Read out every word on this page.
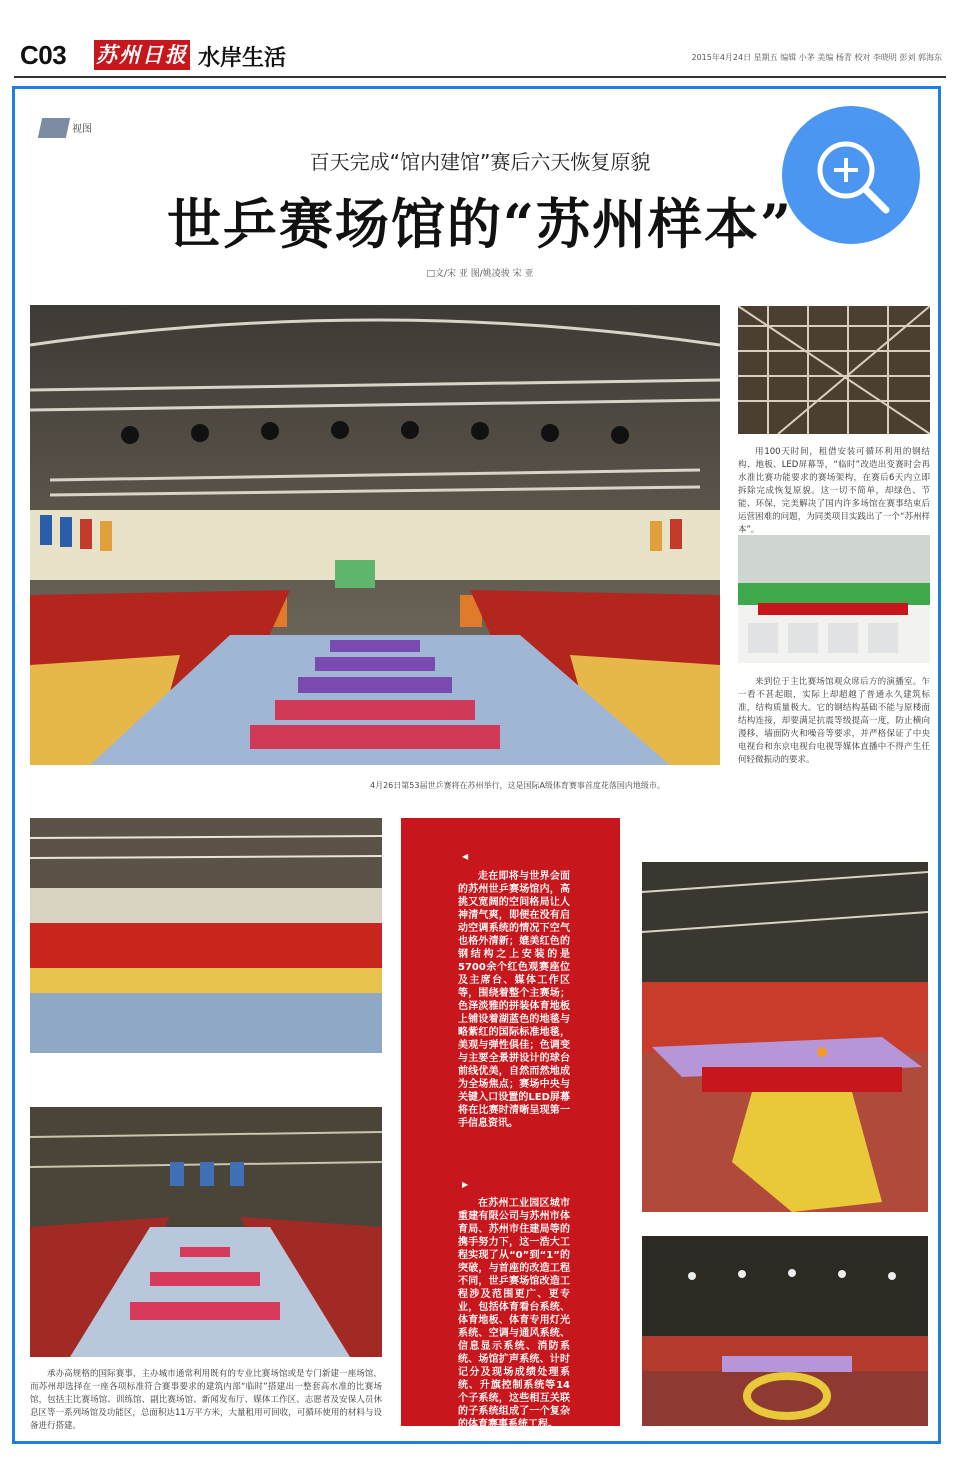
C03 苏州日报 水岸生活	2015年4月24日 星期五 编辑 小茅 美编 杨青 校对 李晓明 彭刘 郭海东
视图
百天完成“馆内建馆”赛后六天恢复原貌
世乒赛场馆的“苏州样本”
□文/宋 亚 图/姚凌骏 宋 亚
4月26日第53届世乒赛将在苏州举行，这是国际A级体育赛事首度花落国内地级市。
用100天时间，租借安装可循环利用的钢结构、地板、LED屏幕等，“临时”改造出变赛时会再水准比赛功能要求的赛场架构，在赛后6天内立即拆除完成恢复原貌。这一切不简单，却绿色、节能、环保，完美解决了国内许多场馆在赛事结束后运营困难的问题，为同类项目实践出了一个“苏州样本”。
来到位于主比赛场馆观众席后方的演播室。乍一看不甚起眼，实际上却超越了普通永久建筑标准，结构质量极大。它的钢结构基础不能与原楼面结构连接，却要满足抗震等级提高一度，防止横向漫移，墙面防火和噪音等要求，并严格保证了中央电视台和东京电视台电视等媒体直播中不得产生任何轻微振动的要求。
承办高规格的国际赛事，主办城市通常利用既有的专业比赛场馆或是专门新建一座场馆，而苏州却选择在一座各项标准符合赛事要求的建筑内部“临时”搭建出一整套高水准的比赛场馆，包括主比赛场馆、训练馆、副比赛场馆、新闻发布厅、媒体工作区、志愿者及安保人员休息区等一系列场馆及功能区，总面积达11万平方米，大量租用可回收，可循环使用的材料与设备进行搭建。
◀
走在即将与世界会面的苏州世乒赛场馆内，高挑又宽阔的空间格局让人神清气爽，即便在没有启动空调系统的情况下空气也格外清新；媲美红色的钢结构之上安装的是5700余个红色观赛座位及主席台、媒体工作区等，围绕着整个主赛场；色泽淡雅的拼装体育地板上铺设着湖蓝色的地毯与略紫红的国际标准地毯，美观与弹性俱佳；色调变与主要全景拼设计的球台前线优美，自然而然地成为全场焦点；赛场中央与关键入口设置的LED屏幕将在比赛时清晰呈现第一手信息资讯。
▶
在苏州工业园区城市重建有限公司与苏州市体育局、苏州市住建局等的携手努力下，这一浩大工程实现了从“0”到“1”的突破，与首座的改造工程不同，世乒赛场馆改造工程涉及范围更广、更专业，包括体育看台系统、体育地板、体育专用灯光系统、空调与通风系统、信息显示系统、消防系统、场馆扩声系统、计时记分及现场成绩处理系统、升旗控制系统等14个子系统，这些相互关联的子系统组成了一个复杂的体育赛事系统工程。
